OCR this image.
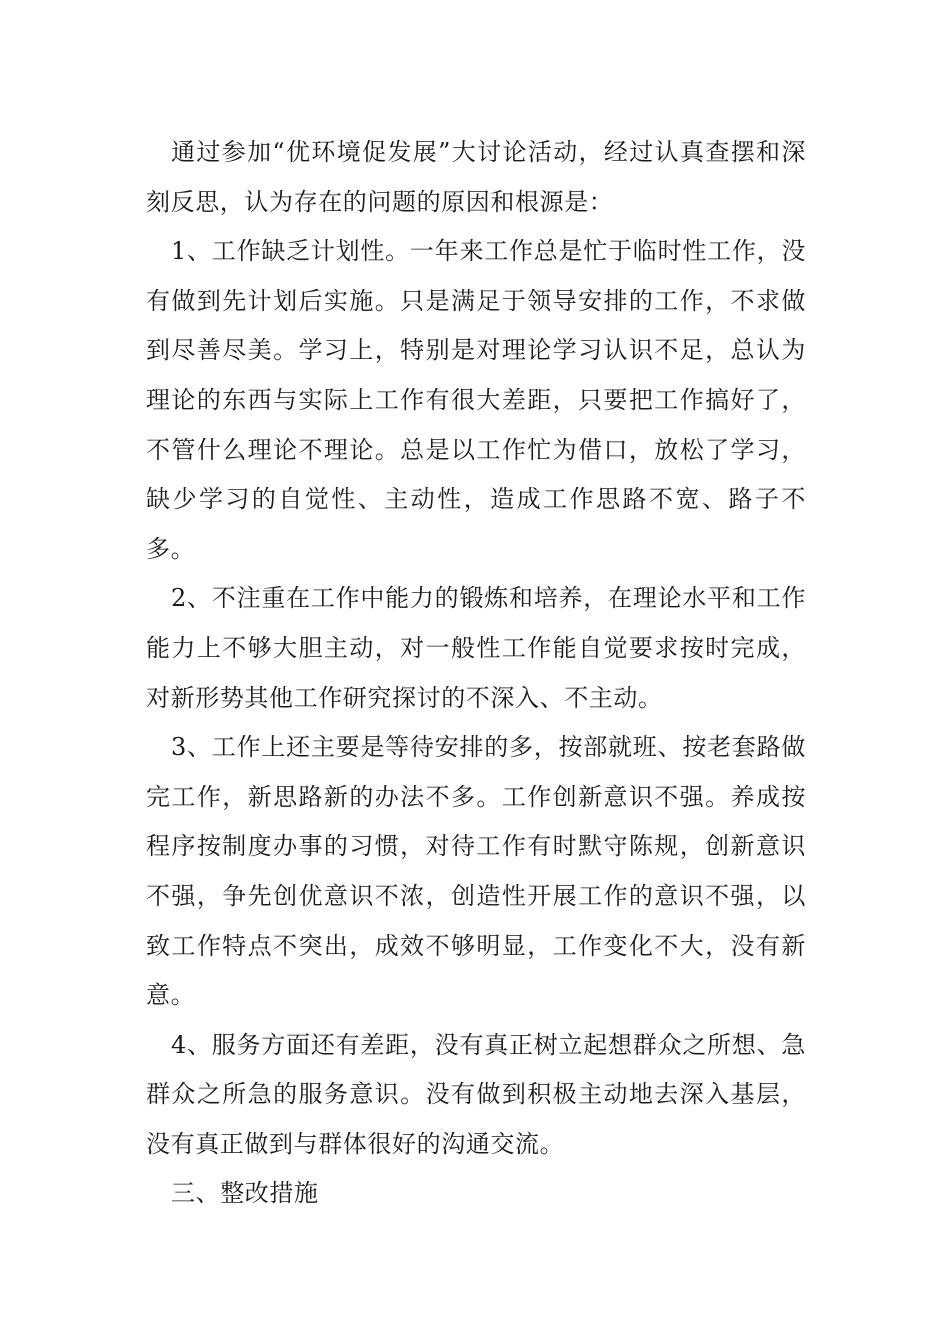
通过参加“优环境促发展”大讨论活动，经过认真查摆和深刻反思，认为存在的问题的原因和根源是：

1、工作缺乏计划性。一年来工作总是忙于临时性工作，没有做到先计划后实施。只是满足于领导安排的工作，不求做到尽善尽美。学习上，特别是对理论学习认识不足，总认为理论的东西与实际上工作有很大差距，只要把工作搞好了，不管什么理论不理论。总是以工作忙为借口，放松了学习，缺少学习的自觉性、主动性，造成工作思路不宽、路子不多。

2、不注重在工作中能力的锻炼和培养，在理论水平和工作能力上不够大胆主动，对一般性工作能自觉要求按时完成，对新形势其他工作研究探讨的不深入、不主动。

3、工作上还主要是等待安排的多，按部就班、按老套路做完工作，新思路新的办法不多。工作创新意识不强。养成按程序按制度办事的习惯，对待工作有时默守陈规，创新意识不强，争先创优意识不浓，创造性开展工作的意识不强，以致工作特点不突出，成效不够明显，工作变化不大，没有新意。

4、服务方面还有差距，没有真正树立起想群众之所想、急群众之所急的服务意识。没有做到积极主动地去深入基层，没有真正做到与群体很好的沟通交流。

三、整改措施
